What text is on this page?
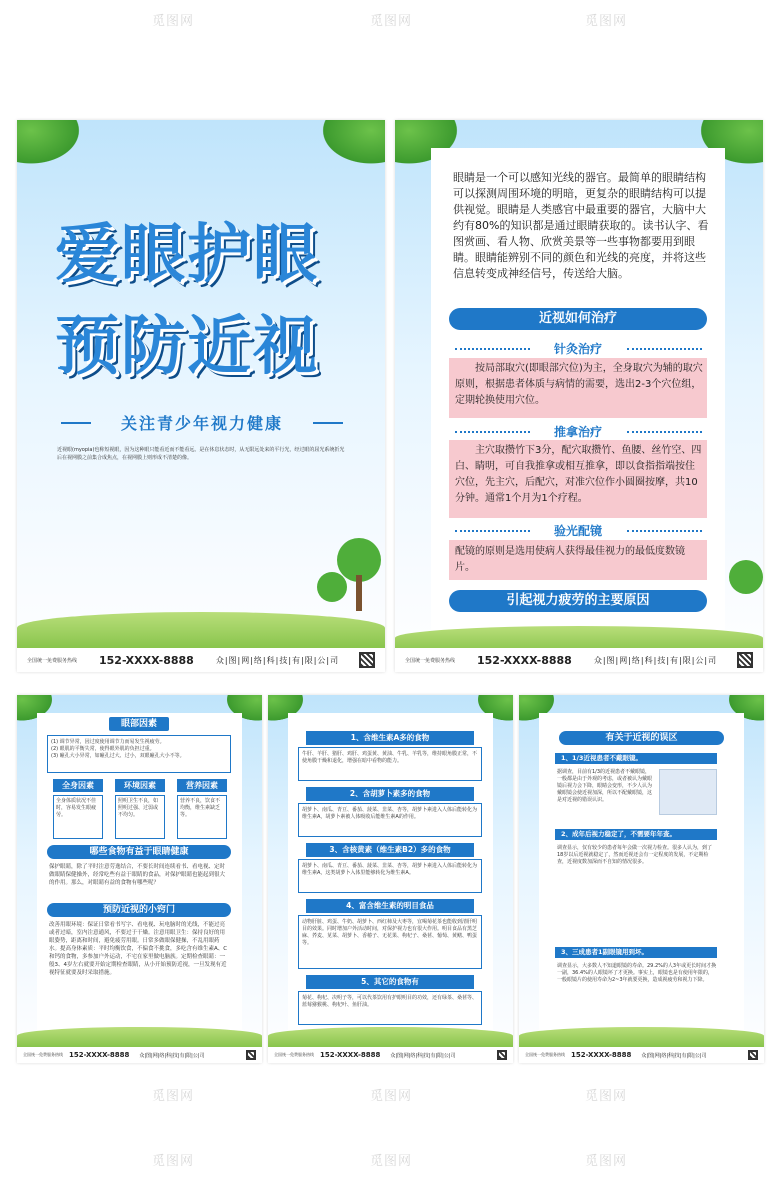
觅图网	觅图网	觅图网
觅图网	觅图网	觅图网
觅图网	觅图网	觅图网
爱眼护眼
预防近视
关注青少年视力健康
近视眼(myopia)也称短视眼，因为这种眼只能看近而不能看远。是在休息状态时，从无限远处来的平行光，经过眼的屈光系统折光后在视网膜之前集合成焦点，在视网膜上则形成不清楚的像。
全国统一免费服务热线	152-XXXX-8888	众|图|网|络|科|技|有|限|公|司
眼睛是一个可以感知光线的器官。最简单的眼睛结构可以探测周围环境的明暗，更复杂的眼睛结构可以提供视觉。眼睛是人类感官中最重要的器官，大脑中大约有80%的知识都是通过眼睛获取的。读书认字、看图赏画、看人物、欣赏美景等一些事物都要用到眼睛。眼睛能辨别不同的颜色和光线的亮度，并将这些信息转变成神经信号，传送给大脑。
近视如何治疗
针灸治疗
按局部取穴(即眼部穴位)为主，全身取穴为辅的取穴原则，根据患者体质与病情的需要，选出2-3个穴位组，定期轮换使用穴位。
推拿治疗
主穴取攒竹下3分，配穴取攒竹、鱼腰、丝竹空、四白、睛明，可自我推拿或相互推拿，即以食指指端按住穴位，先主穴，后配穴，对准穴位作小圆圈按摩，共10分钟。通常1个月为1个疗程。
验光配镜
配镜的原则是选用使病人获得最佳视力的最低度数镜片。
引起视力疲劳的主要原因
全国统一免费服务热线	152-XXXX-8888	众|图|网|络|科|技|有|限|公|司
眼部因素
(1) 调节异常，因过度使用调节力而易发生视疲劳。
(2) 眼肌的平衡失常，使得眼外肌的负担过重。
(3) 瞳孔大小异常，如瞳孔过大、过小，双眼瞳孔大小不等。
全身因素	环境因素	营养因素
全身体质状况不佳时，容易发生眼疲劳。
照明卫生不良，如照明过强、过弱或不均匀。
营养不良，饮食不均衡，维生素缺乏等。
哪些食物有益于眼睛健康
保护眼睛，除了平时注意劳逸结合，不要长时间连续看书、看电视、定时做眼睛保健操外，经常吃些有益于眼睛的食品，对保护眼睛也能起到很大的作用。那么，对眼睛有益的食物有哪些呢？
预防近视的小窍门
改善用眼环境：保证日常看书写字、看电视、玩电脑时的光线，不能过亮或者过暗，室内注意通风，不要过于干燥。注意用眼卫生：保持良好的用眼姿势，距离和时间，避免疲劳用眼。日常多做眼保健操，不乱用眼药水。提高身体素质：平时均衡饮食，不偏食不挑食，多吃含有维生素A、C和钙的食物，多参加户外运动，不宅在家里做电脑族。定期检查眼睛：一般3、4岁左右就要开始定期检查眼睛，从小开始预防近视，一旦发现有近视特征就要及时采取措施。
全国统一免费服务热线 152-XXXX-8888 众|图|网|络|科|技|有|限|公|司
1、含维生素A多的食物
牛肝、羊肝、猪肝、鸡肝、鸡蛋黄、黄油、牛乳、羊乳等，维持眼角膜正常，不使角膜干燥和退化，增强在暗中看物的能力。
2、含胡萝卜素多的食物
胡萝卜、南瓜、青豆、番茄、菠菜、韭菜、杏等，胡萝卜素进入人体后能转化为维生素A，胡萝卜素被人体吸收后能维生素A的作用。
3、含核黄素（维生素B2）多的食物
胡萝卜、南瓜、青豆、番茄、菠菜、韭菜、杏等，胡萝卜素进入人体后能转化为维生素A，这类胡萝卜入体里能够转化为维生素A。
4、富含维生素的明目食品
动物肝脏、鸡蛋、牛奶、胡萝卜、西红柿及大枣等，宜喝菊花茶也能收到清肝明目的效果。同时增加户外活动时间，对保护视力也有很大作用。明目食品有黑芝麻、荞麦、苋菜、胡萝卜、香椿子、无花果、枸杞子、桑葚、葡萄、黄鳝、鸭蛋等。
5、其它的食物有
菊花、枸杞、决明子等，可以代茶饮用有护眼明目的功效，还有绿茶、桑葚等、蓝莓猕猴桃、枸杞叶、鱼肝油。
全国统一免费服务热线 152-XXXX-8888 众|图|网|络|科|技|有|限|公|司
有关于近视的误区
1、1/3近视患者不戴眼镜。
据调查，目前有1/3的近视患者不戴眼镜，一般都是由于外观的考虑，或者被认为戴眼镜后视力会下降，眼睛会变形，不少人认为戴眼镜会使近视加深，所以不配戴眼镜，这是对近视的错误认识。
2、成年后视力稳定了，不需要年年查。
调查显示，仅有较少的患者每年会做一次视力检查。很多人认为，到了18岁以后近视就稳定了，然而近视还会有一定程度的发展，不定期检查，近视度数加深而不自知的情况很多。
3、三成患者1副眼镜用到坏。
调查显示，大多数人不知道眼镜的寿命。29.2%的人3年或更长时间才换一副，36.4%的人眼镜坏了才更换。事实上，眼镜也是有使用年限的，一般眼镜片的使用寿命为2~3年就要更换，造成视疲劳和视力下降。
全国统一免费服务热线 152-XXXX-8888 众|图|网|络|科|技|有|限|公|司
